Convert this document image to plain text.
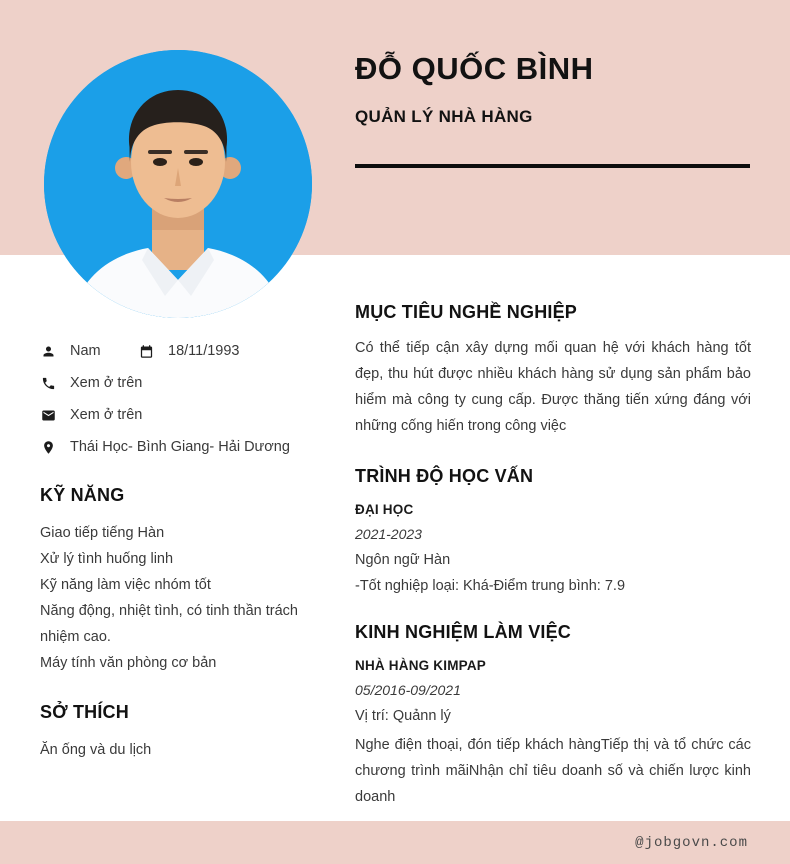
ĐỖ QUỐC BÌNH
QUẢN LÝ NHÀ HÀNG
Nam	18/11/1993
Xem ở trên
Xem ở trên
Thái Học- Bình Giang- Hải Dương
KỸ NĂNG
Giao tiếp tiếng Hàn
Xử lý tình huống linh
Kỹ năng làm việc nhóm tốt
Năng động, nhiệt tình, có tinh thần trách nhiệm cao.
Máy tính văn phòng cơ bản
SỞ THÍCH
Ăn ống và du lịch
MỤC TIÊU NGHỀ NGHIỆP
Có thể tiếp cận xây dựng mối quan hệ với khách hàng tốt đẹp, thu hút được nhiều khách hàng sử dụng sản phẩm bảo hiểm mà công ty cung cấp. Được thăng tiến xứng đáng với những cống hiến trong công việc
TRÌNH ĐỘ HỌC VẤN
ĐẠI HỌC
2021-2023
Ngôn ngữ Hàn
-Tốt nghiệp loại: Khá-Điểm trung bình: 7.9
KINH NGHIỆM LÀM VIỆC
NHÀ HÀNG KIMPAP
05/2016-09/2021
Vị trí: Quảnn lý
Nghe điện thoại, đón tiếp khách hàngTiếp thị và tổ chức các chương trình mãiNhận chỉ tiêu doanh số và chiến lược kinh doanh
@jobgovn.com
